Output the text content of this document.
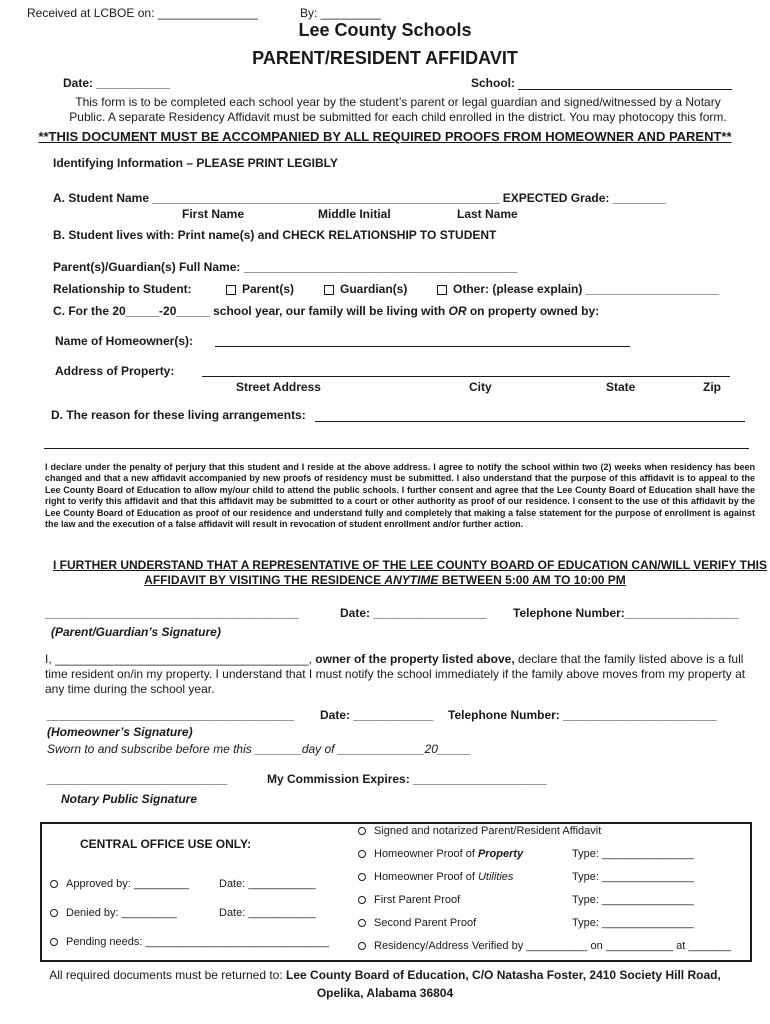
Received at LCBOE on: _______________	By: _________
Lee County Schools
PARENT/RESIDENT AFFIDAVIT
Date: ___________	School:
This form is to be completed each school year by the student’s parent or legal guardian and signed/witnessed by a Notary Public. A separate Residency Affidavit must be submitted for each child enrolled in the district. You may photocopy this form.
**THIS DOCUMENT MUST BE ACCOMPANIED BY ALL REQUIRED PROOFS FROM HOMEOWNER AND PARENT**
Identifying Information – PLEASE PRINT LEGIBLY
A. Student Name ____________________________________________________ EXPECTED Grade: ________
First Name	Middle Initial	Last Name
B. Student lives with: Print name(s) and CHECK RELATIONSHIP TO STUDENT
Parent(s)/Guardian(s) Full Name: _________________________________________
Relationship to Student:	Parent(s)	Guardian(s)	Other: (please explain) ____________________
C. For the 20_____-20_____ school year, our family will be living with OR on property owned by:
Name of Homeowner(s):
Address of Property:
Street Address	City	State	Zip
D. The reason for these living arrangements:
I declare under the penalty of perjury that this student and I reside at the above address. I agree to notify the school within two (2) weeks when residency has been changed and that a new affidavit accompanied by new proofs of residency must be submitted. I also understand that the purpose of this affidavit is to appeal to the Lee County Board of Education to allow my/our child to attend the public schools. I further consent and agree that the Lee County Board of Education shall have the right to verify this affidavit and that this affidavit may be submitted to a court or other authority as proof of our residence. I consent to the use of this affidavit by the Lee County Board of Education as proof of our residence and understand fully and completely that making a false statement for the purpose of enrollment is against the law and the execution of a false affidavit will result in revocation of student enrollment and/or further action.
I FURTHER UNDERSTAND THAT A REPRESENTATIVE OF THE LEE COUNTY BOARD OF EDUCATION CAN/WILL VERIFY THIS
AFFIDAVIT BY VISITING THE RESIDENCE ANYTIME BETWEEN 5:00 AM TO 10:00 PM
______________________________________	Date: _________________ Telephone Number:_________________
(Parent/Guardian’s Signature)
I, ______________________________________, owner of the property listed above, declare that the family listed above is a full time resident on/in my property. I understand that I must notify the school immediately if the family above moves from my property at any time during the school year.
_____________________________________ Date: ____________ Telephone Number: _______________________
(Homeowner’s Signature)
Sworn to and subscribe before me this _______day of _____________20_____
___________________________	My Commission Expires: ____________________
Notary Public Signature
CENTRAL OFFICE USE ONLY:
Approved by: _________	Date: ___________
Denied by: _________	Date: ___________
Pending needs: ______________________________
Signed and notarized Parent/Resident Affidavit
Homeowner Proof of Property	Type: _______________
Homeowner Proof of Utilities	Type: _______________
First Parent Proof	Type: _______________
Second Parent Proof	Type: _______________
Residency/Address Verified by __________ on ___________ at _______
All required documents must be returned to: Lee County Board of Education, C/O Natasha Foster, 2410 Society Hill Road,
Opelika, Alabama 36804
